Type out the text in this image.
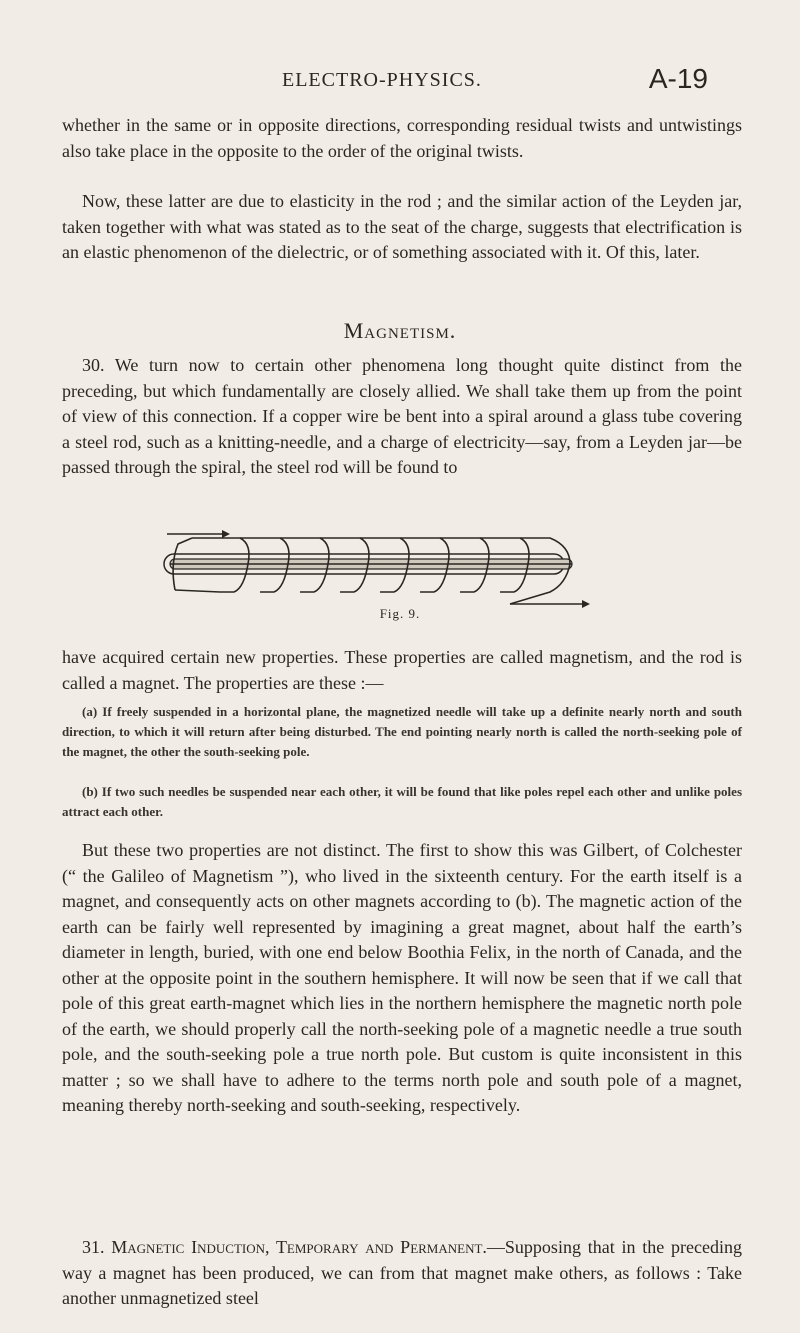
ELECTRO-PHYSICS.	A-19

whether in the same or in opposite directions, corresponding residual twists and untwistings also take place in the opposite to the order of the original twists.

Now, these latter are due to elasticity in the rod ; and the similar action of the Leyden jar, taken together with what was stated as to the seat of the charge, suggests that electrification is an elastic phenomenon of the dielectric, or of something associated with it. Of this, later.

Magnetism.

30. We turn now to certain other phenomena long thought quite distinct from the preceding, but which fundamentally are closely allied. We shall take them up from the point of view of this connection. If a copper wire be bent into a spiral around a glass tube covering a steel rod, such as a knitting-needle, and a charge of electricity—say, from a Leyden jar—be passed through the spiral, the steel rod will be found to

Fig. 9.

have acquired certain new properties. These properties are called magnetism, and the rod is called a magnet. The properties are these :—

(a) If freely suspended in a horizontal plane, the magnetized needle will take up a definite nearly north and south direction, to which it will return after being disturbed. The end pointing nearly north is called the north-seeking pole of the magnet, the other the south-seeking pole.

(b) If two such needles be suspended near each other, it will be found that like poles repel each other and unlike poles attract each other.

But these two properties are not distinct. The first to show this was Gilbert, of Colchester (“ the Galileo of Magnetism ”), who lived in the sixteenth century. For the earth itself is a magnet, and consequently acts on other magnets according to (b). The magnetic action of the earth can be fairly well represented by imagining a great magnet, about half the earth’s diameter in length, buried, with one end below Boothia Felix, in the north of Canada, and the other at the opposite point in the southern hemisphere. It will now be seen that if we call that pole of this great earth-magnet which lies in the northern hemisphere the magnetic north pole of the earth, we should properly call the north-seeking pole of a magnetic needle a true south pole, and the south-seeking pole a true north pole. But custom is quite inconsistent in this matter ; so we shall have to adhere to the terms north pole and south pole of a magnet, meaning thereby north-seeking and south-seeking, respectively.

31. Magnetic Induction, Temporary and Permanent.—Supposing that in the preceding way a magnet has been produced, we can from that magnet make others, as follows : Take another unmagnetized steel
